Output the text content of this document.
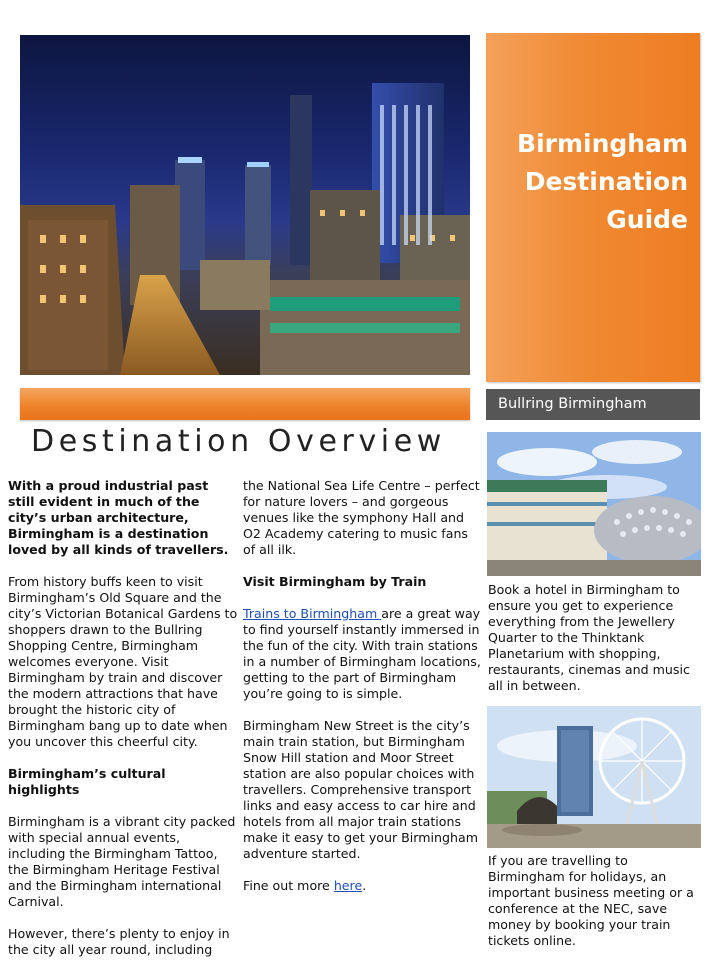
Birmingham
Destination
Guide
Bullring Birmingham
Destination Overview

With a proud industrial past still evident in much of the city’s urban architecture, Birmingham is a destination loved by all kinds of travellers.

From history buffs keen to visit Birmingham’s Old Square and the city’s Victorian Botanical Gardens to shoppers drawn to the Bullring Shopping Centre, Birmingham welcomes everyone. Visit Birmingham by train and discover the modern attractions that have brought the historic city of Birmingham bang up to date when you uncover this cheerful city.

Birmingham’s cultural highlights

Birmingham is a vibrant city packed with special annual events, including the Birmingham Tattoo, the Birmingham Heritage Festival and the Birmingham international Carnival.

However, there’s plenty to enjoy in the city all year round, including

the National Sea Life Centre – perfect for nature lovers – and gorgeous venues like the symphony Hall and O2 Academy catering to music fans of all ilk.

Visit Birmingham by Train

Trains to Birmingham are a great way to find yourself instantly immersed in the fun of the city. With train stations in a number of Birmingham locations, getting to the part of Birmingham you’re going to is simple.

Birmingham New Street is the city’s main train station, but Birmingham Snow Hill station and Moor Street station are also popular choices with travellers. Comprehensive transport links and easy access to car hire and hotels from all major train stations make it easy to get your Birmingham adventure started.

Fine out more here.

Book a hotel in Birmingham to ensure you get to experience everything from the Jewellery Quarter to the Thinktank Planetarium with shopping, restaurants, cinemas and music all in between.

If you are travelling to Birmingham for holidays, an important business meeting or a conference at the NEC, save money by booking your train tickets online.
